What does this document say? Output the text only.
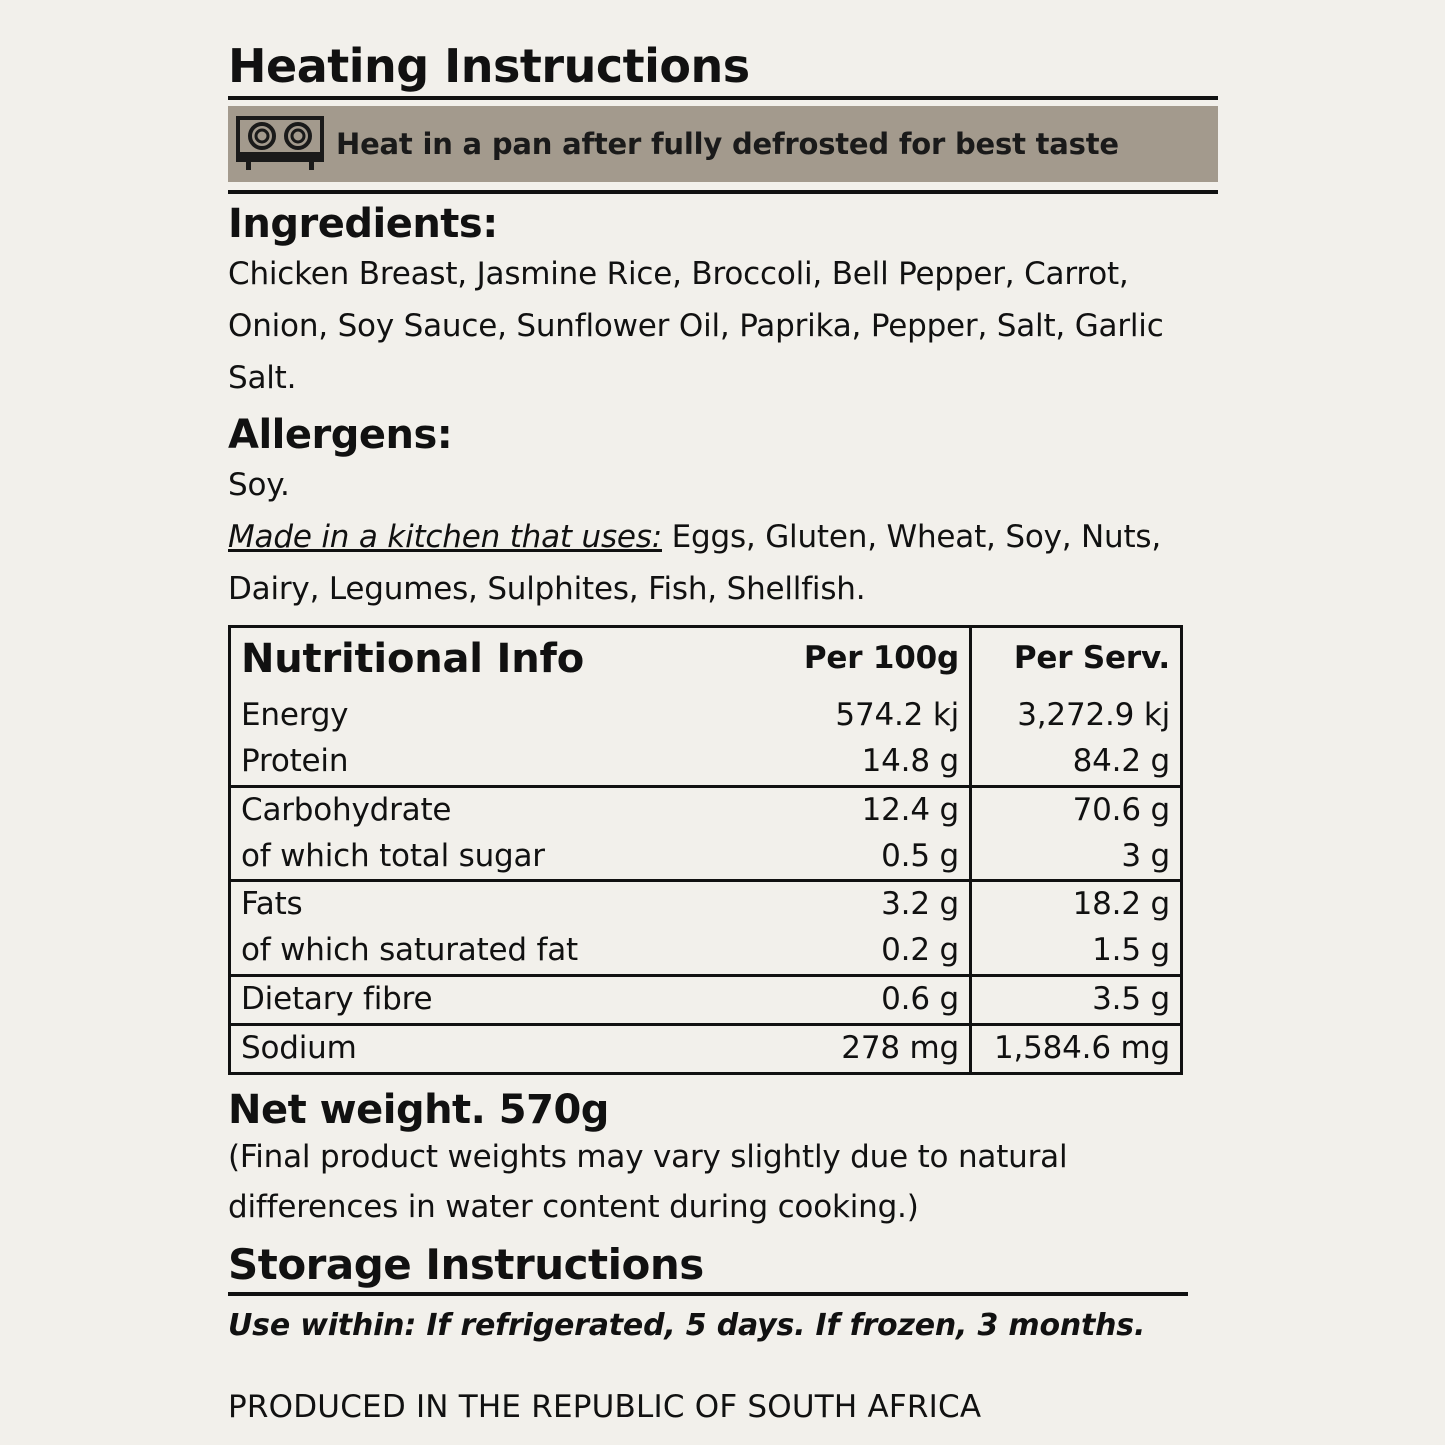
Heating Instructions
Heat in a pan after fully defrosted for best taste
Ingredients:
Chicken Breast, Jasmine Rice, Broccoli, Bell Pepper, Carrot, Onion, Soy Sauce, Sunflower Oil, Paprika, Pepper, Salt, Garlic Salt.
Allergens:
Soy.
Made in a kitchen that uses: Eggs, Gluten, Wheat, Soy, Nuts, Dairy, Legumes, Sulphites, Fish, Shellfish.
Nutritional Info	Per 100g	Per Serv.
Energy	574.2 kj	3,272.9 kj
Protein	14.8 g	84.2 g
Carbohydrate	12.4 g	70.6 g
of which total sugar	0.5 g	3 g
Fats	3.2 g	18.2 g
of which saturated fat	0.2 g	1.5 g
Dietary fibre	0.6 g	3.5 g
Sodium	278 mg	1,584.6 mg
Net weight. 570g
(Final product weights may vary slightly due to natural differences in water content during cooking.)
Storage Instructions
Use within: If refrigerated, 5 days. If frozen, 3 months.
PRODUCED IN THE REPUBLIC OF SOUTH AFRICA
